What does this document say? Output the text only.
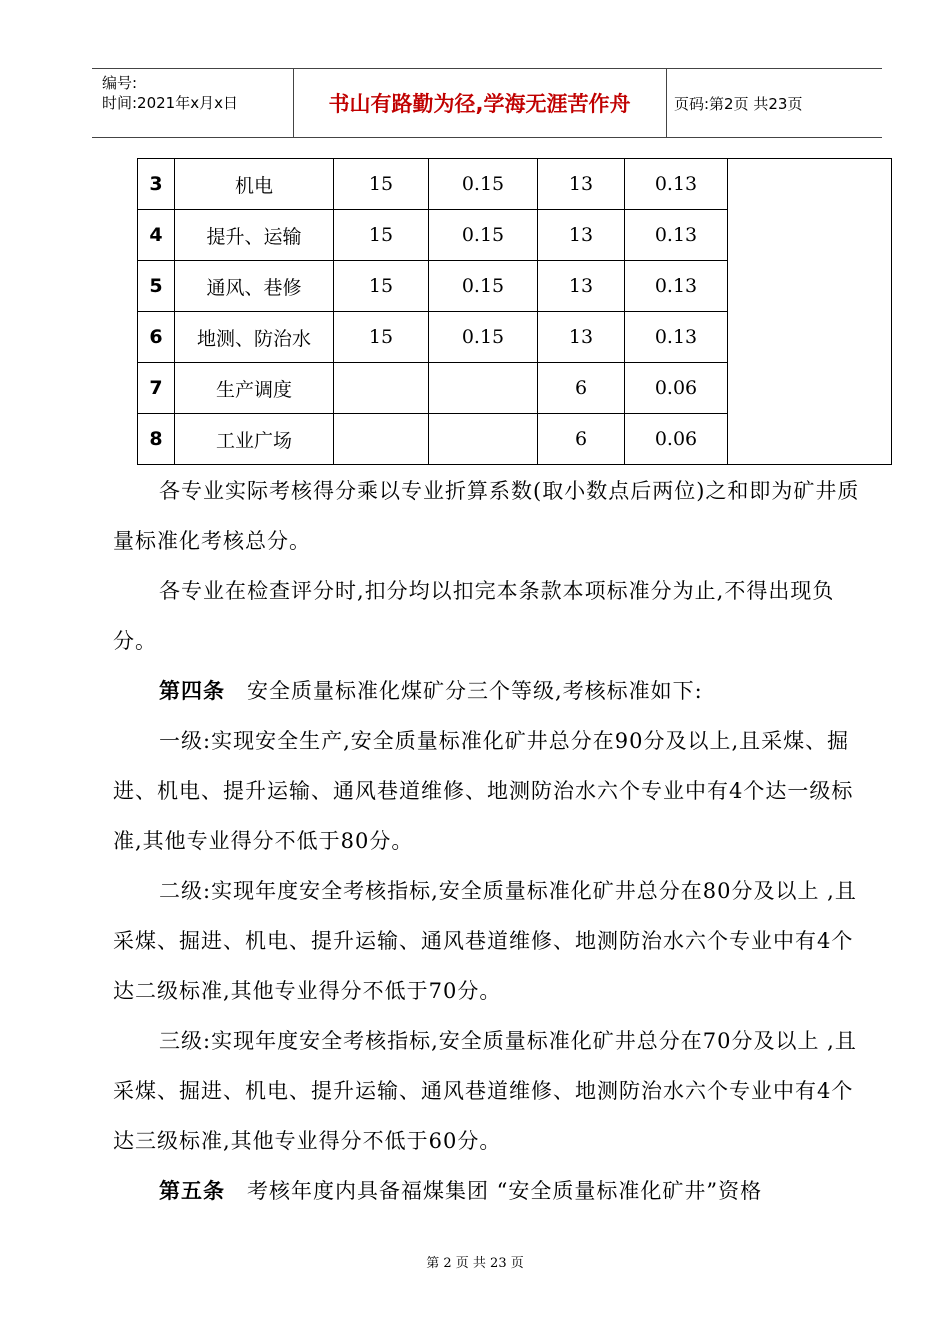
编号:
时间:2021年x月x日	书山有路勤为径,学海无涯苦作舟	页码:第2页 共23页
3	机电	15	0.15	13	0.13	
4	提升、运输	15	0.15	13	0.13	
5	通风、巷修	15	0.15	13	0.13	
6	地测、防治水	15	0.15	13	0.13	
7	生产调度			6	0.06	
8	工业广场			6	0.06	
各专业实际考核得分乘以专业折算系数(取小数点后两位)之和即为矿井质量标准化考核总分。
各专业在检查评分时,扣分均以扣完本条款本项标准分为止,不得出现负分。
第四条　 安全质量标准化煤矿分三个等级,考核标准如下:
一级:实现安全生产,安全质量标准化矿井总分在90分及以上,且采煤、掘进、机电、提升运输、通风巷道维修、地测防治水六个专业中有4个达一级标准,其他专业得分不低于80分。
二级:实现年度安全考核指标,安全质量标准化矿井总分在80分及以上 ,且采煤、掘进、机电、提升运输、通风巷道维修、地测防治水六个专业中有4个达二级标准,其他专业得分不低于70分。
三级:实现年度安全考核指标,安全质量标准化矿井总分在70分及以上 ,且采煤、掘进、机电、提升运输、通风巷道维修、地测防治水六个专业中有4个达三级标准,其他专业得分不低于60分。
第五条　 考核年度内具备福煤集团 “安全质量标准化矿井”资格
第 2 页 共 23 页
